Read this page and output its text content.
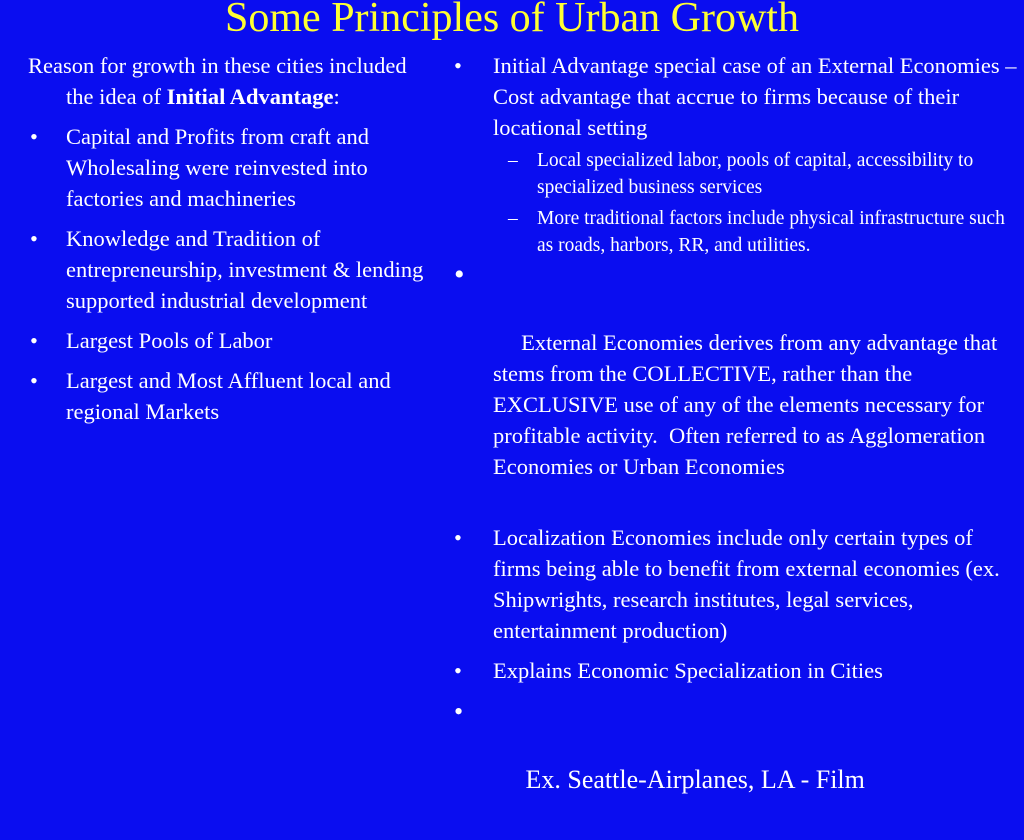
Some Principles of Urban Growth
Reason for growth in these cities included the idea of Initial Advantage:
• Capital and Profits from craft and Wholesaling were reinvested into factories and machineries
• Knowledge and Tradition of entrepreneurship, investment & lending supported industrial development
• Largest Pools of Labor
• Largest and Most Affluent local and regional Markets
• Initial Advantage special case of an External Economies – Cost advantage that accrue to firms because of their locational setting
– Local specialized labor, pools of capital, accessibility to specialized business services
– More traditional factors include physical infrastructure such as roads, harbors, RR, and utilities.

•

External Economies derives from any advantage that stems from the COLLECTIVE, rather than the EXCLUSIVE use of any of the elements necessary for profitable activity.  Often referred to as Agglomeration Economies or Urban Economies

• Localization Economies include only certain types of firms being able to benefit from external economies (ex. Shipwrights, research institutes, legal services, entertainment production)
• Explains Economic Specialization in Cities

•

Ex. Seattle-Airplanes, LA - Film
